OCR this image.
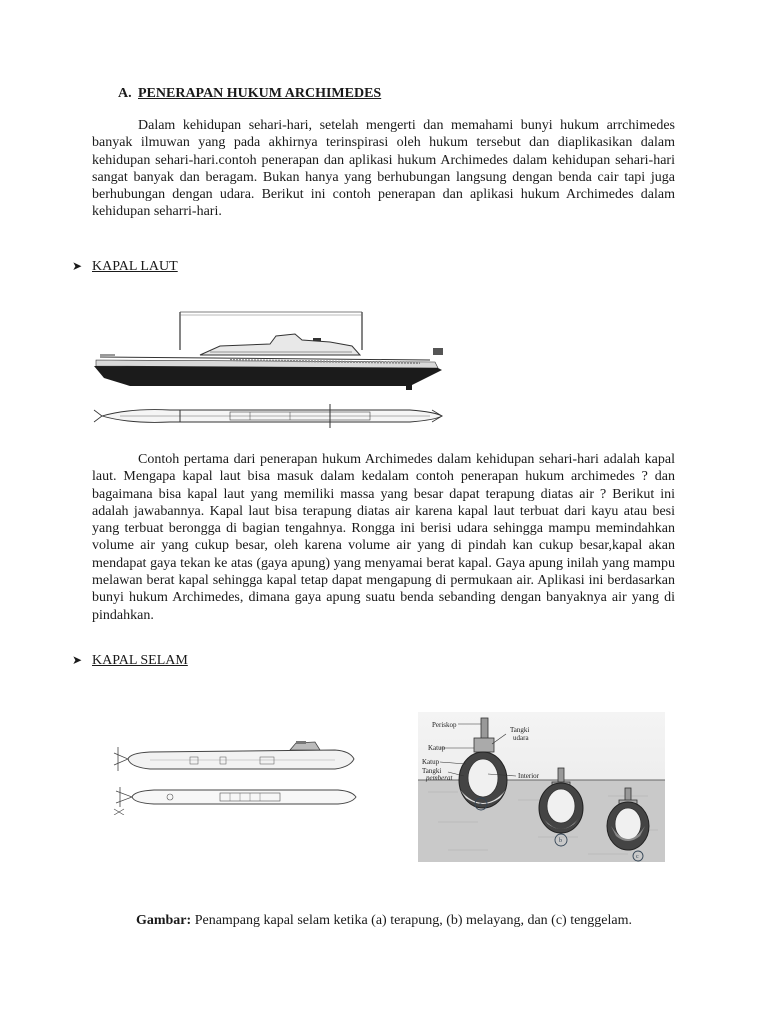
A. PENERAPAN HUKUM ARCHIMEDES
Dalam kehidupan sehari-hari, setelah mengerti dan memahami bunyi hukum arrchimedes banyak ilmuwan yang pada akhirnya terinspirasi oleh hukum tersebut dan diaplikasikan dalam kehidupan sehari-hari.contoh penerapan dan aplikasi hukum Archimedes dalam kehidupan sehari-hari sangat banyak dan beragam. Bukan hanya yang berhubungan langsung dengan benda cair tapi juga berhubungan dengan udara. Berikut ini contoh penerapan dan aplikasi hukum Archimedes dalam kehidupan seharri-hari.
➤ KAPAL LAUT
Contoh pertama dari penerapan hukum Archimedes dalam kehidupan sehari-hari adalah kapal laut. Mengapa kapal laut bisa masuk dalam kedalam contoh penerapan hukum archimedes ? dan bagaimana bisa kapal laut yang memiliki massa yang besar dapat terapung diatas air ? Berikut ini adalah jawabannya. Kapal laut bisa terapung diatas air karena kapal laut terbuat dari kayu atau besi yang terbuat berongga di bagian tengahnya. Rongga ini berisi udara sehingga mampu memindahkan volume air yang cukup besar, oleh karena volume air yang di pindah kan cukup besar,kapal akan mendapat gaya tekan ke atas (gaya apung) yang menyamai berat kapal. Gaya apung inilah yang mampu melawan berat kapal sehingga kapal tetap dapat mengapung di permukaan air. Aplikasi ini berdasarkan bunyi hukum Archimedes, dimana gaya apung suatu benda sebanding dengan banyaknya air yang di pindahkan.
➤ KAPAL SELAM
Periskop
Tangki
udara
Katup
Katup
Tangki
pemberat	Interior
a
b
c
Gambar: Penampang kapal selam ketika (a) terapung, (b) melayang, dan (c) tenggelam.
